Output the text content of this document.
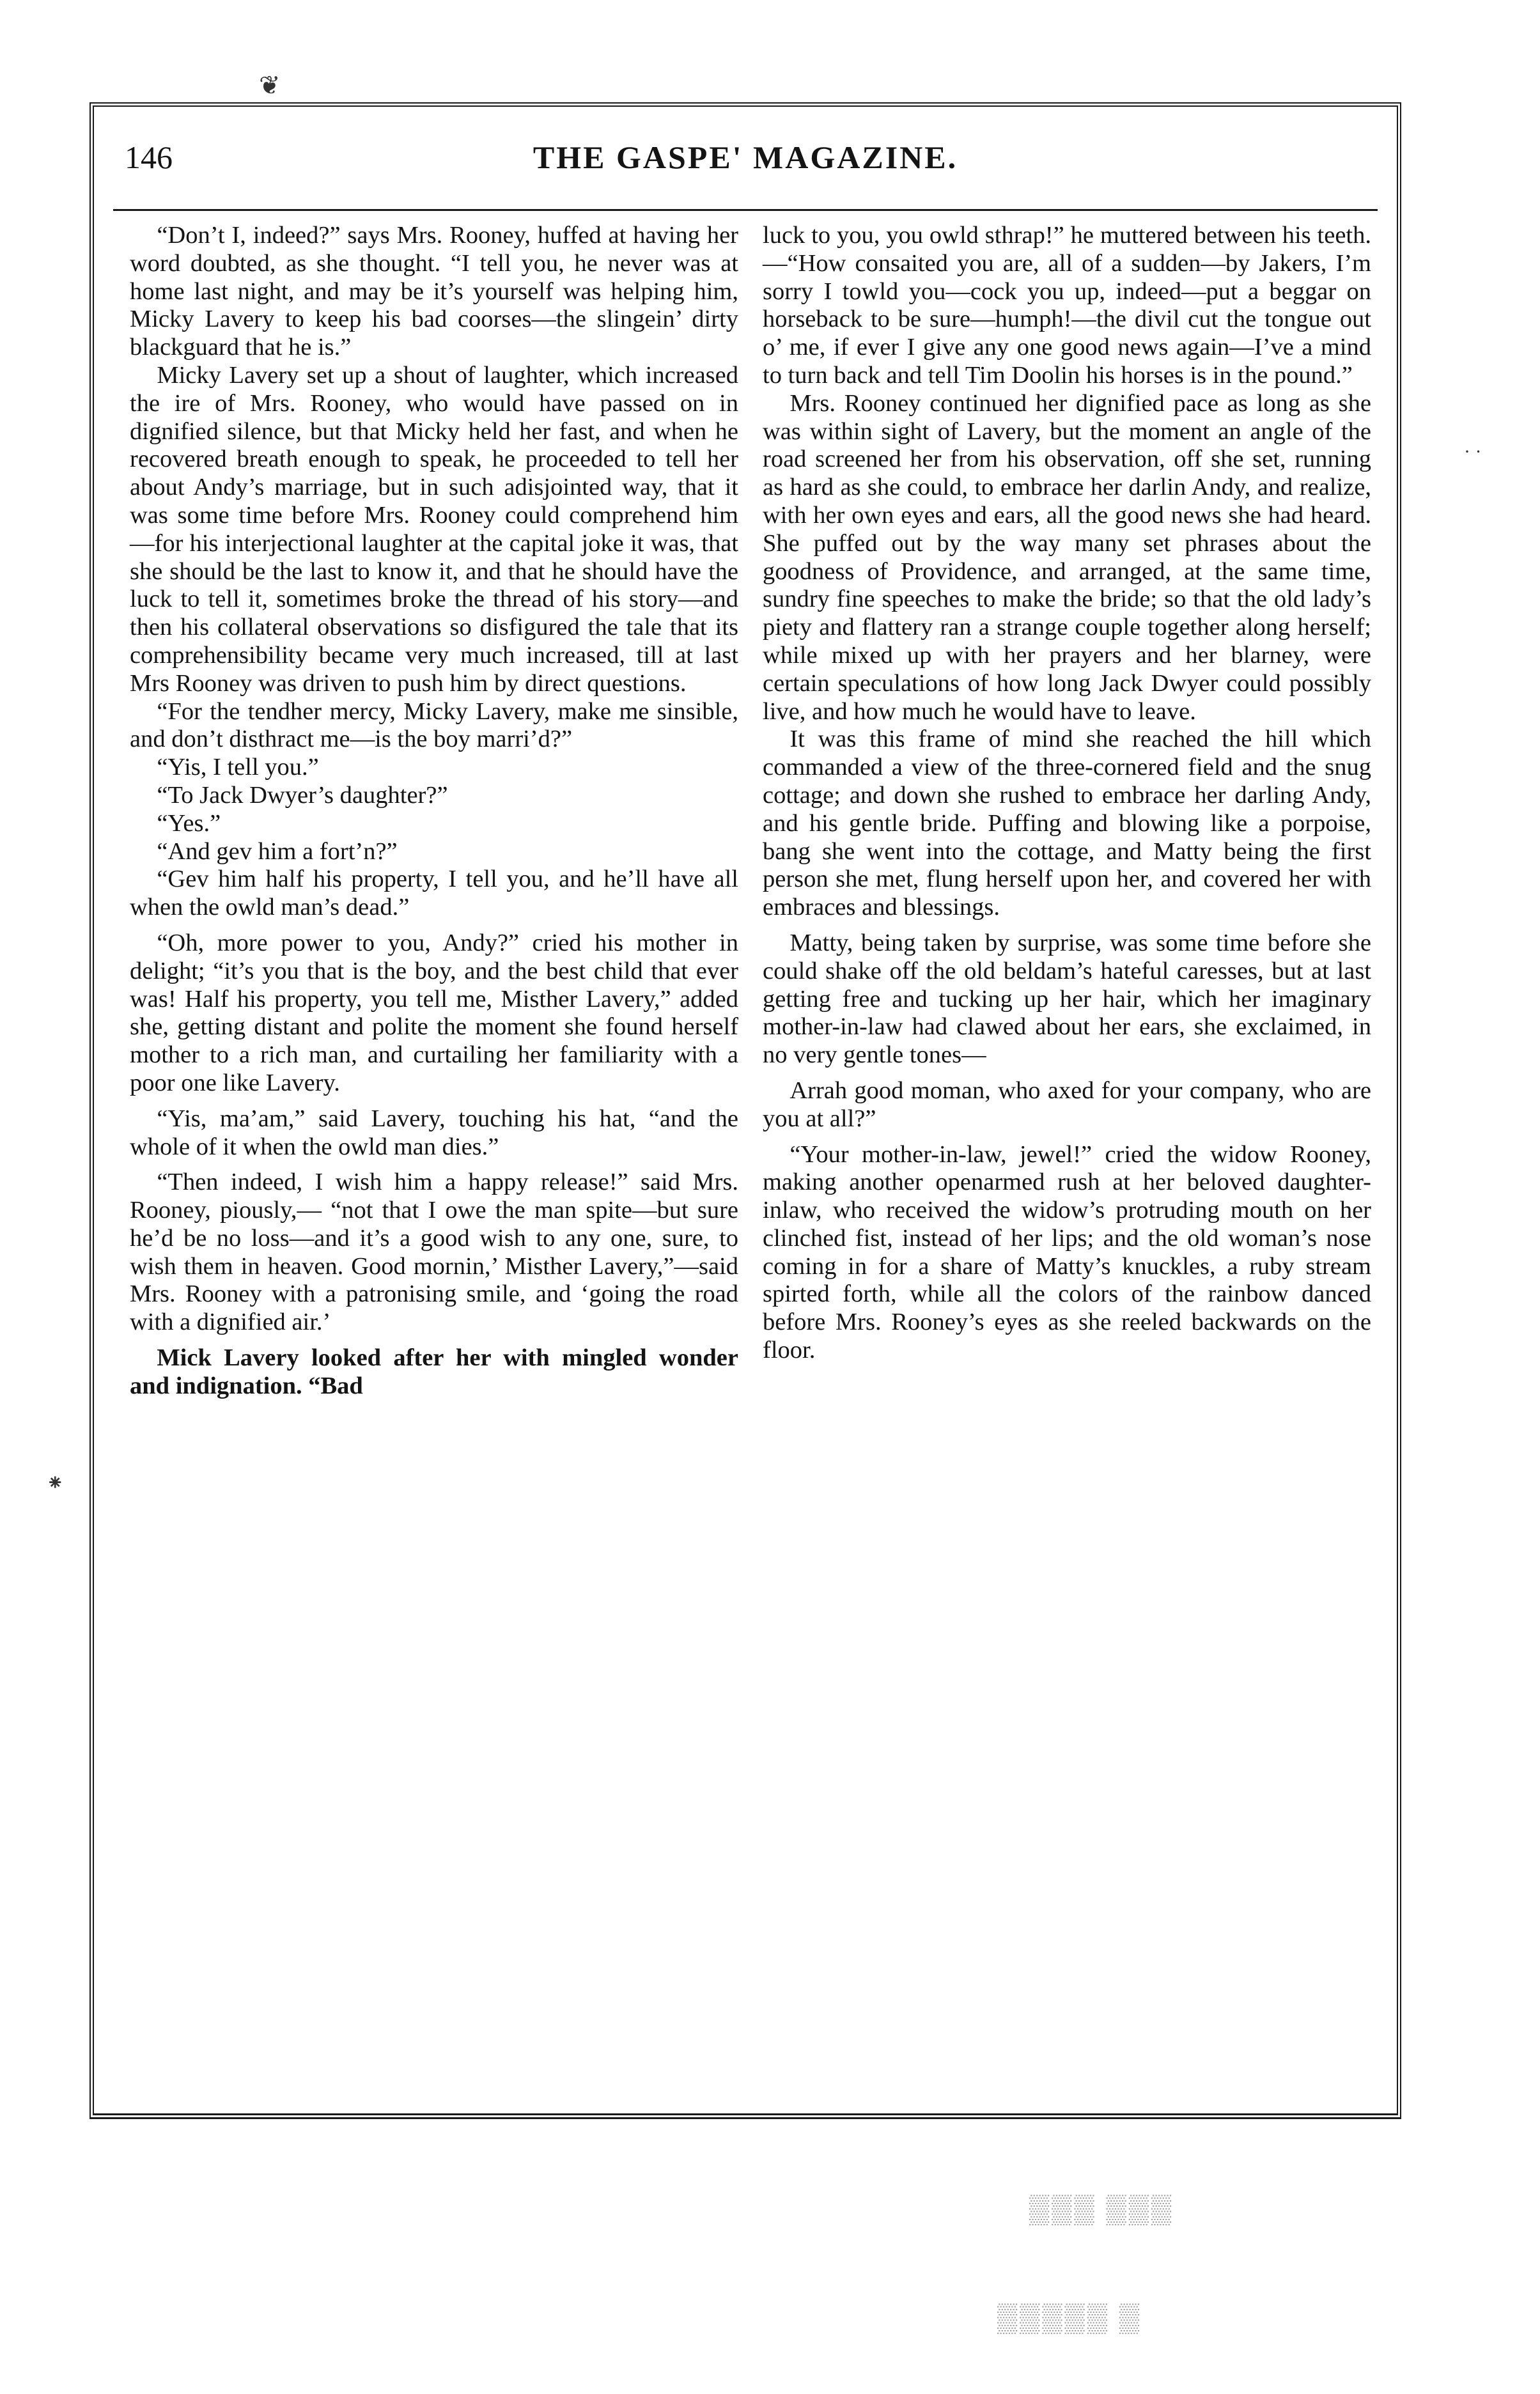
❦
146	THE GASPE' MAGAZINE.

“Don’t I, indeed?” says Mrs. Rooney, huffed at having her word doubted, as she thought. “I tell you, he never was at home last night, and may be it’s yourself was helping him, Micky Lavery to keep his bad coorses—the slingein’ dirty blackguard that he is.”

Micky Lavery set up a shout of laughter, which increased the ire of Mrs. Rooney, who would have passed on in dignified silence, but that Micky held her fast, and when he recovered breath enough to speak, he proceeded to tell her about Andy’s marriage, but in such adisjointed way, that it was some time before Mrs. Rooney could comprehend him —for his interjectional laughter at the capital joke it was, that she should be the last to know it, and that he should have the luck to tell it, sometimes broke the thread of his story—and then his collateral observations so disfigured the tale that its comprehensibility became very much increased, till at last Mrs Rooney was driven to push him by direct questions.

“For the tendher mercy, Micky Lavery, make me sinsible, and don’t disthract me—is the boy marri’d?”

“Yis, I tell you.”

“To Jack Dwyer’s daughter?”

“Yes.”

“And gev him a fort’n?”

“Gev him half his property, I tell you, and he’ll have all when the owld man’s dead.”

“Oh, more power to you, Andy?” cried his mother in delight; “it’s you that is the boy, and the best child that ever was! Half his property, you tell me, Misther Lavery,” added she, getting distant and polite the moment she found herself mother to a rich man, and curtailing her familiarity with a poor one like Lavery.

“Yis, ma’am,” said Lavery, touching his hat, “and the whole of it when the owld man dies.”

“Then indeed, I wish him a happy release!” said Mrs. Rooney, piously,— “not that I owe the man spite—but sure he’d be no loss—and it’s a good wish to any one, sure, to wish them in heaven. Good mornin,’ Misther Lavery,”—said Mrs. Rooney with a patronising smile, and ‘going the road with a dignified air.’

Mick Lavery looked after her with mingled wonder and indignation. “Bad

luck to you, you owld sthrap!” he muttered between his teeth.—“How consaited you are, all of a sudden—by Jakers, I’m sorry I towld you—cock you up, indeed—put a beggar on horseback to be sure—humph!—the divil cut the tongue out o’ me, if ever I give any one good news again—I’ve a mind to turn back and tell Tim Doolin his horses is in the pound.”

Mrs. Rooney continued her dignified pace as long as she was within sight of Lavery, but the moment an angle of the road screened her from his observation, off she set, running as hard as she could, to embrace her darlin Andy, and realize, with her own eyes and ears, all the good news she had heard. She puffed out by the way many set phrases about the goodness of Providence, and arranged, at the same time, sundry fine speeches to make the bride; so that the old lady’s piety and flattery ran a strange couple together along herself; while mixed up with her prayers and her blarney, were certain speculations of how long Jack Dwyer could possibly live, and how much he would have to leave.

It was this frame of mind she reached the hill which commanded a view of the three-cornered field and the snug cottage; and down she rushed to embrace her darling Andy, and his gentle bride. Puffing and blowing like a porpoise, bang she went into the cottage, and Matty being the first person she met, flung herself upon her, and covered her with embraces and blessings.

Matty, being taken by surprise, was some time before she could shake off the old beldam’s hateful caresses, but at last getting free and tucking up her hair, which her imaginary mother-in-law had clawed about her ears, she exclaimed, in no very gentle tones—

Arrah good moman, who axed for your company, who are you at all?”

“Your mother-in-law, jewel!” cried the widow Rooney, making another openarmed rush at her beloved daughter-inlaw, who received the widow’s protruding mouth on her clinched fist, instead of her lips; and the old woman’s nose coming in for a share of Matty’s knuckles, a ruby stream spirted forth, while all the colors of the rainbow danced before Mrs. Rooney’s eyes as she reeled backwards on the floor.

⁕
· ·
▒▒▒ ▒▒▒
▒▒▒▒▒ ▒
